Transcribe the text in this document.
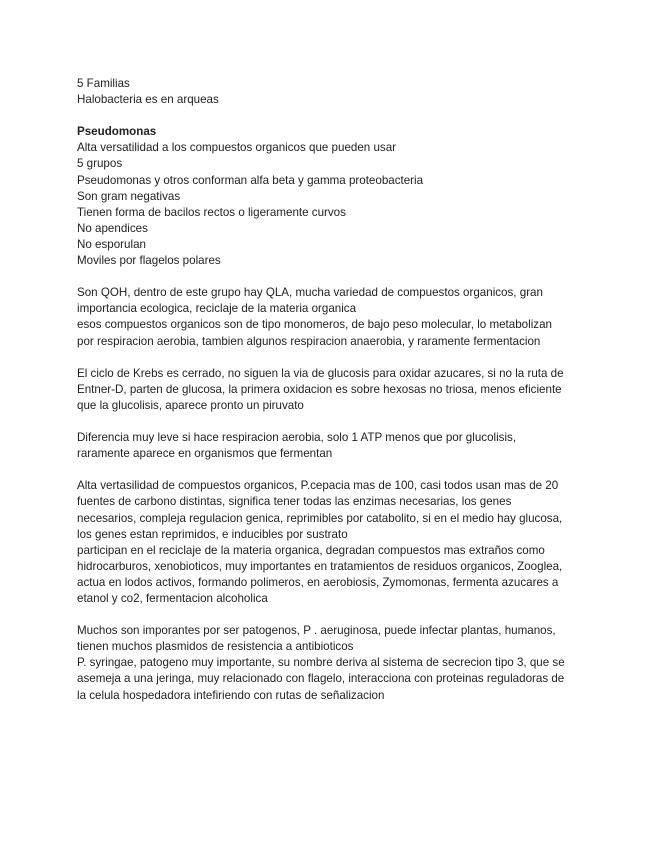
5 Familias
Halobacteria es en arqueas
Pseudomonas
Alta versatilidad a los compuestos organicos que pueden usar
5 grupos
Pseudomonas y otros conforman alfa beta y gamma proteobacteria
Son gram negativas
Tienen forma de bacilos rectos o ligeramente curvos
No apendices
No esporulan
Moviles por flagelos polares
Son QOH, dentro de este grupo hay QLA, mucha variedad de compuestos organicos, gran
importancia ecologica, reciclaje de la materia organica
esos compuestos organicos son de tipo monomeros, de bajo peso molecular, lo metabolizan
por respiracion aerobia, tambien algunos respiracion anaerobia, y raramente fermentacion
El ciclo de Krebs es cerrado, no siguen la via de glucosis para oxidar azucares, si no la ruta de
Entner-D, parten de glucosa, la primera oxidacion es sobre hexosas no triosa, menos eficiente
que la glucolisis, aparece pronto un piruvato
Diferencia muy leve si hace respiracion aerobia, solo 1 ATP menos que por glucolisis,
raramente aparece en organismos que fermentan
Alta vertasilidad de compuestos organicos, P.cepacia mas de 100, casi todos usan mas de 20
fuentes de carbono distintas, significa tener todas las enzimas necesarias, los genes
necesarios, compleja regulacion genica, reprimibles por catabolito, si en el medio hay glucosa,
los genes estan reprimidos, e inducibles por sustrato
participan en el reciclaje de la materia organica, degradan compuestos mas extraños como
hidrocarburos, xenobioticos, muy importantes en tratamientos de residuos organicos, Zooglea,
actua en lodos activos, formando polimeros, en aerobiosis, Zymomonas, fermenta azucares a
etanol y co2, fermentacion alcoholica
Muchos son imporantes por ser patogenos, P . aeruginosa, puede infectar plantas, humanos,
tienen muchos plasmidos de resistencia a antibioticos
P. syringae, patogeno muy importante, su nombre deriva al sistema de secrecion tipo 3, que se
asemeja a una jeringa, muy relacionado con flagelo, interacciona con proteinas reguladoras de
la celula hospedadora intefiriendo con rutas de señalizacion
